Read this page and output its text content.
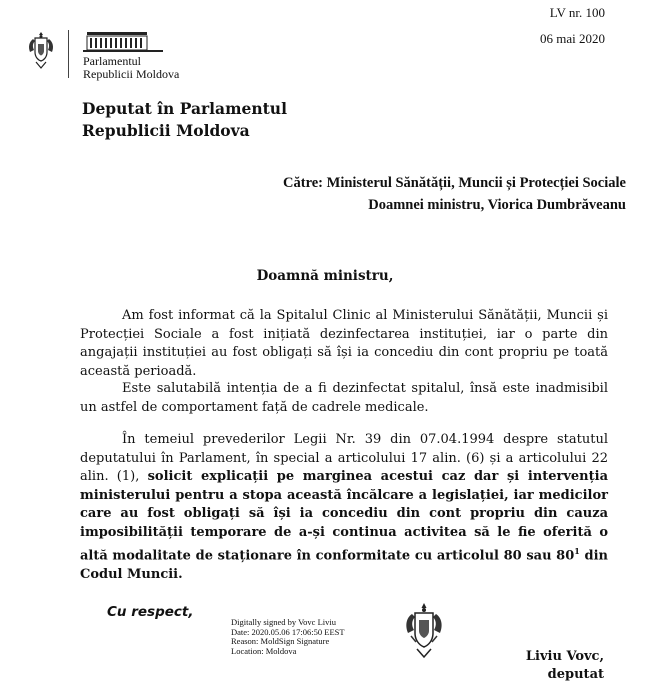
LV nr. 100
06 mai 2020
Parlamentul
Republicii Moldova
Deputat în Parlamentul
Republicii Moldova
Către: Ministerul Sănătății, Muncii și Protecției Sociale
Doamnei ministru, Viorica Dumbrăveanu
Doamnă ministru,
Am fost informat că la Spitalul Clinic al Ministerului Sănătății, Muncii și Protecției Sociale a fost inițiată dezinfectarea instituției, iar o parte din angajații instituției au fost obligați să își ia concediu din cont propriu pe toată această perioadă.
Este salutabilă intenția de a fi dezinfectat spitalul, însă este inadmisibil un astfel de comportament față de cadrele medicale.
În temeiul prevederilor Legii Nr. 39 din 07.04.1994 despre statutul deputatului în Parlament, în special a articolului 17 alin. (6) și a articolului 22 alin. (1), solicit explicații pe marginea acestui caz dar și intervenția ministerului pentru a stopa această încălcare a legislației, iar medicilor care au fost obligați să își ia concediu din cont propriu din cauza imposibilității temporare de a-și continua activitea să le fie oferită o altă modalitate de staționare în conformitate cu articolul 80 sau $80^1$ din Codul Muncii.
Cu respect,
Digitally signed by Vovc Liviu
Date: 2020.05.06 17:06:50 EEST
Reason: MoldSign Signature
Location: Moldova	Liviu Vovc,
deputat
